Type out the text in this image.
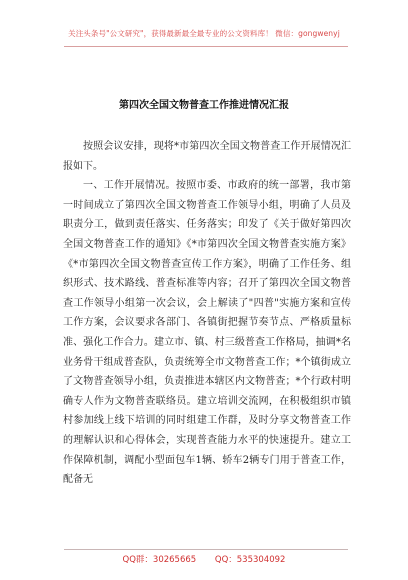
关注头条号"公文研究"，获得最新最全最专业的公文资料库！ 微信：gongwenyj
第四次全国文物普查工作推进情况汇报

按照会议安排，现将*市第四次全国文物普查工作开展情况汇报如下。

一、工作开展情况。按照市委、市政府的统一部署，我市第一时间成立了第四次全国文物普查工作领导小组，明确了人员及职责分工，做到责任落实、任务落实；印发了《关于做好第四次全国文物普查工作的通知》《*市第四次全国文物普查实施方案》《*市第四次全国文物普查宣传工作方案》，明确了工作任务、组织形式、技术路线、普查标准等内容；召开了第四次全国文物普查工作领导小组第一次会议，会上解读了"四普"实施方案和宣传工作方案，会议要求各部门、各镇街把握节奏节点、严格质量标准、强化工作合力。建立市、镇、村三级普查工作格局，抽调*名业务骨干组成普查队，负责统筹全市文物普查工作；*个镇街成立了文物普查领导小组，负责推进本辖区内文物普查；*个行政村明确专人作为文物普查联络员。建立培训交流网，在积极组织市镇村参加线上线下培训的同时组建工作群，及时分享文物普查工作的理解认识和心得体会，实现普查能力水平的快速提升。建立工作保障机制，调配小型面包车1辆、轿车2辆专门用于普查工作，配备无

QQ群：30265665 QQ：535304092
